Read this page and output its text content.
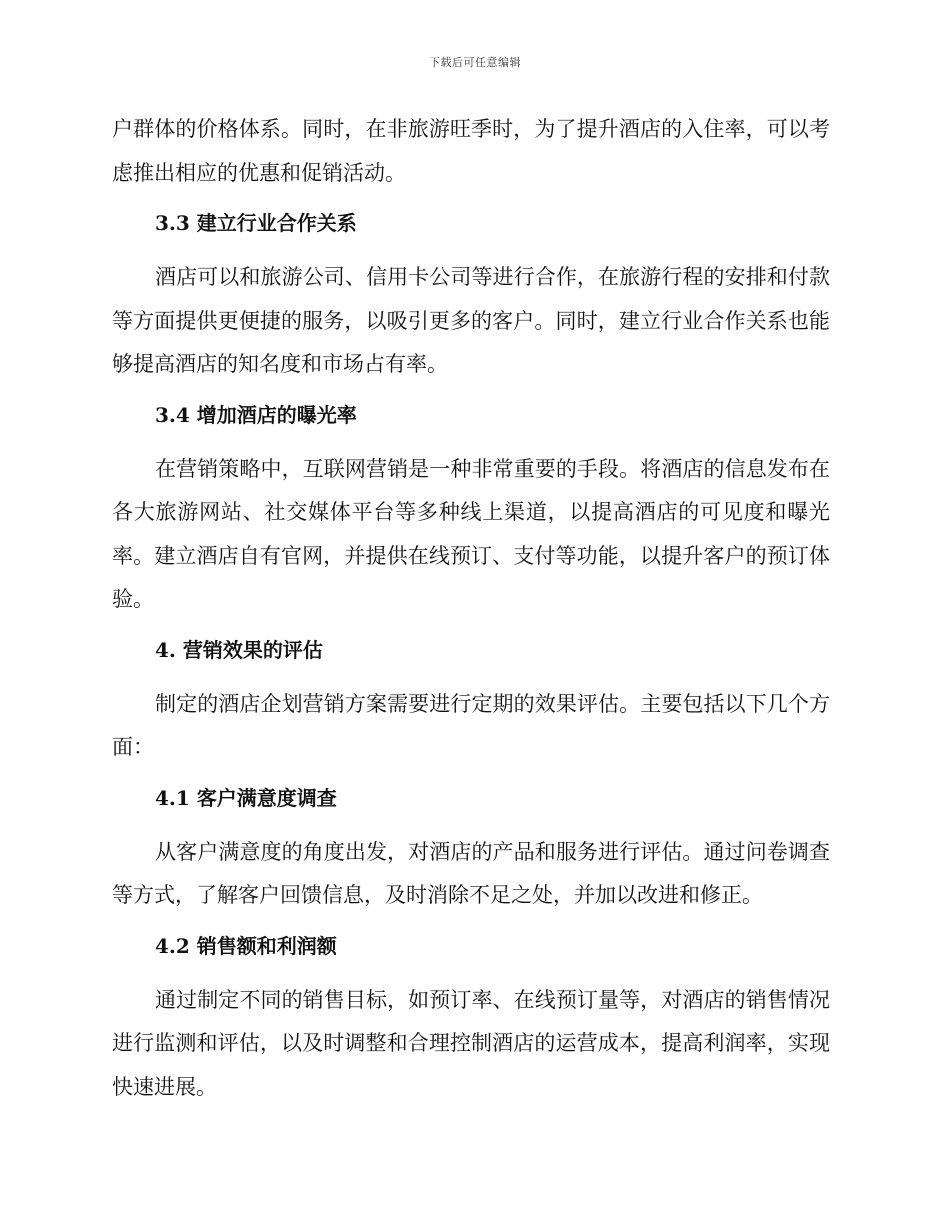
下载后可任意编辑

户群体的价格体系。同时，在非旅游旺季时，为了提升酒店的入住率，可以考虑推出相应的优惠和促销活动。

3.3 建立行业合作关系

酒店可以和旅游公司、信用卡公司等进行合作，在旅游行程的安排和付款等方面提供更便捷的服务，以吸引更多的客户。同时，建立行业合作关系也能够提高酒店的知名度和市场占有率。

3.4 增加酒店的曝光率

在营销策略中，互联网营销是一种非常重要的手段。将酒店的信息发布在各大旅游网站、社交媒体平台等多种线上渠道，以提高酒店的可见度和曝光率。建立酒店自有官网，并提供在线预订、支付等功能，以提升客户的预订体验。

4. 营销效果的评估

制定的酒店企划营销方案需要进行定期的效果评估。主要包括以下几个方面：

4.1 客户满意度调查

从客户满意度的角度出发，对酒店的产品和服务进行评估。通过问卷调查等方式，了解客户回馈信息，及时消除不足之处，并加以改进和修正。

4.2 销售额和利润额

通过制定不同的销售目标，如预订率、在线预订量等，对酒店的销售情况进行监测和评估，以及时调整和合理控制酒店的运营成本，提高利润率，实现快速进展。
